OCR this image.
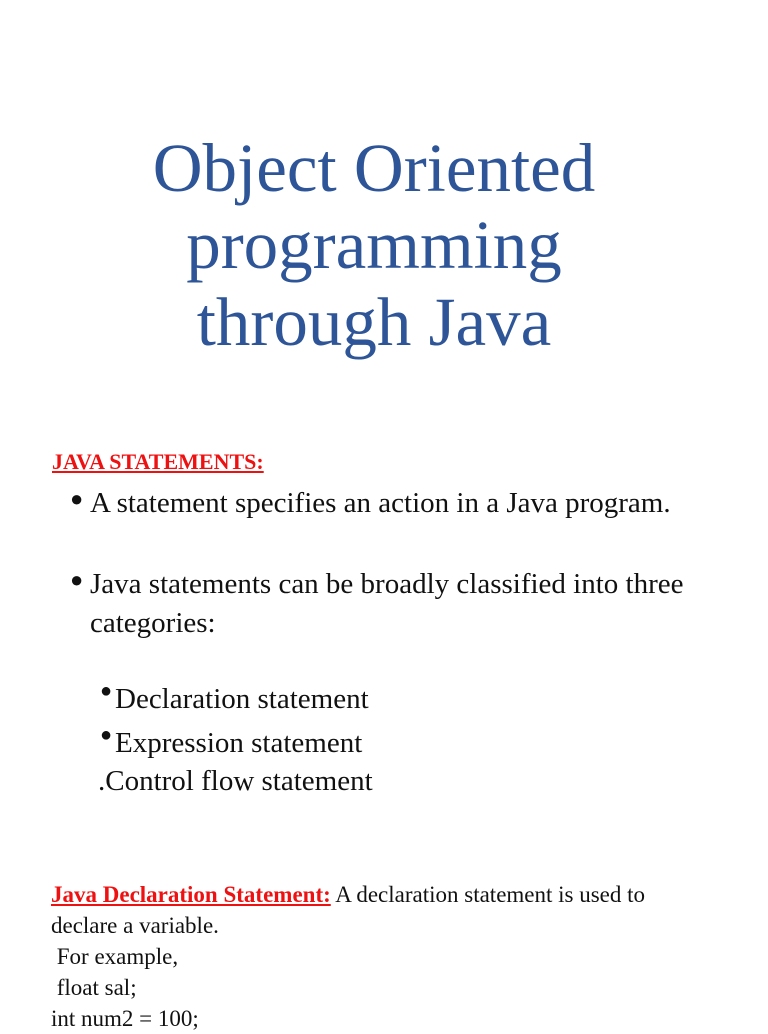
Object Oriented
programming
through Java
JAVA STATEMENTS:
● A statement specifies an action in a Java program.
● Java statements can be broadly classified into three categories:
● Declaration statement
● Expression statement
.Control flow statement
Java Declaration Statement: A declaration statement is used to declare a variable.
For example,
float sal;
int num2 = 100;
